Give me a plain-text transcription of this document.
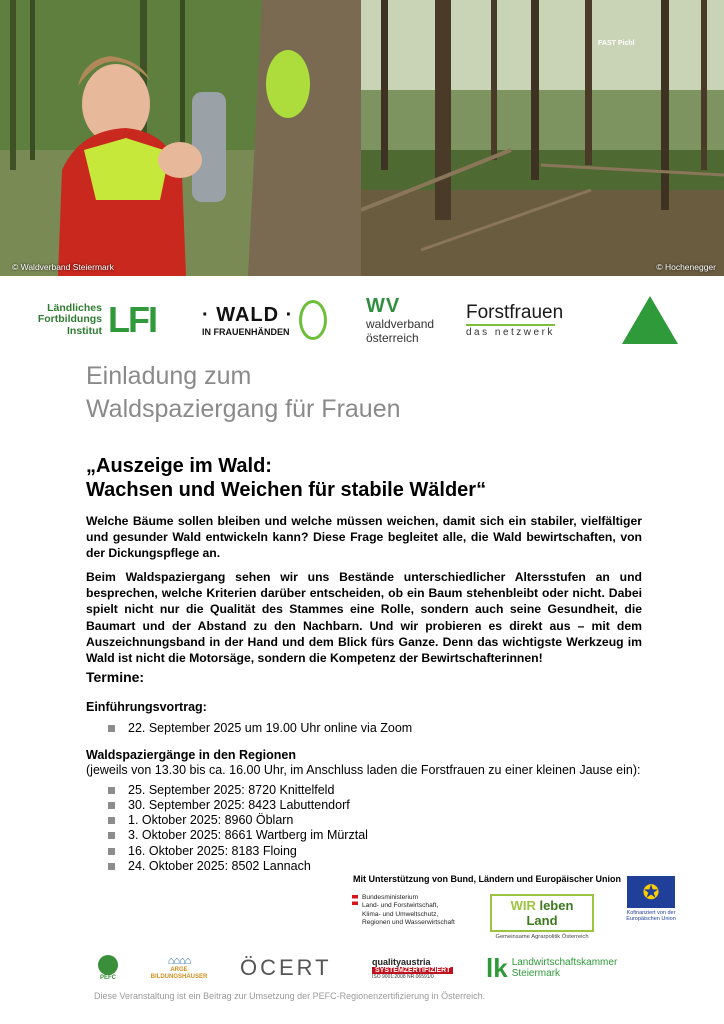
© Waldverband Steiermark	© Hochenegger
Ländliches Fortbildungs Institut LFI · WALD ·
IN FRAUENHÄNDEN
WV
waldverband
österreich
Forstfrauen
das netzwerk
FAST Pichl
Einladung zum
Waldspaziergang für Frauen
„Auszeige im Wald:
Wachsen und Weichen für stabile Wälder“

Welche Bäume sollen bleiben und welche müssen weichen, damit sich ein stabiler, vielfältiger und gesunder Wald entwickeln kann? Diese Frage begleitet alle, die Wald bewirtschaften, von der Dickungspflege an.

Beim Waldspaziergang sehen wir uns Bestände unterschiedlicher Altersstufen an und besprechen, welche Kriterien darüber entscheiden, ob ein Baum stehenbleibt oder nicht. Dabei spielt nicht nur die Qualität des Stammes eine Rolle, sondern auch seine Gesundheit, die Baumart und der Abstand zu den Nachbarn. Und wir probieren es direkt aus – mit dem Auszeichnungsband in der Hand und dem Blick fürs Ganze. Denn das wichtigste Werkzeug im Wald ist nicht die Motorsäge, sondern die Kompetenz der Bewirtschafterinnen!

Termine:
Einführungsvortrag:
22. September 2025 um 19.00 Uhr online via Zoom
Waldspaziergänge in den Regionen
(jeweils von 13.30 bis ca. 16.00 Uhr, im Anschluss laden die Forstfrauen zu einer kleinen Jause ein):
25. September 2025: 8720 Knittelfeld
30. September 2025: 8423 Labuttendorf
1. Oktober 2025: 8960 Öblarn
3. Oktober 2025: 8661 Wartberg im Mürztal
16. Oktober 2025: 8183 Floing
24. Oktober 2025: 8502 Lannach
Mit Unterstützung von Bund, Ländern und Europäischer Union
Bundesministerium
Land- und Forstwirtschaft,
Klima- und Umweltschutz,
Regionen und Wasserwirtschaft
WIR leben Land
Gemeinsame Agrarpolitik Österreich
✪
Kofinanziert von der Europäischen Union
PEFC
⌂⌂⌂⌂
ARGE
BILDUNGSHÄUSER ÖCERT	qualityaustria
SYSTEMZERTIFIZIERT
ISO 9001:2008 NR.06591/0 lk Landwirtschaftskammer
Steiermark
Diese Veranstaltung ist ein Beitrag zur Umsetzung der PEFC-Regionenzertifizierung in Österreich.
